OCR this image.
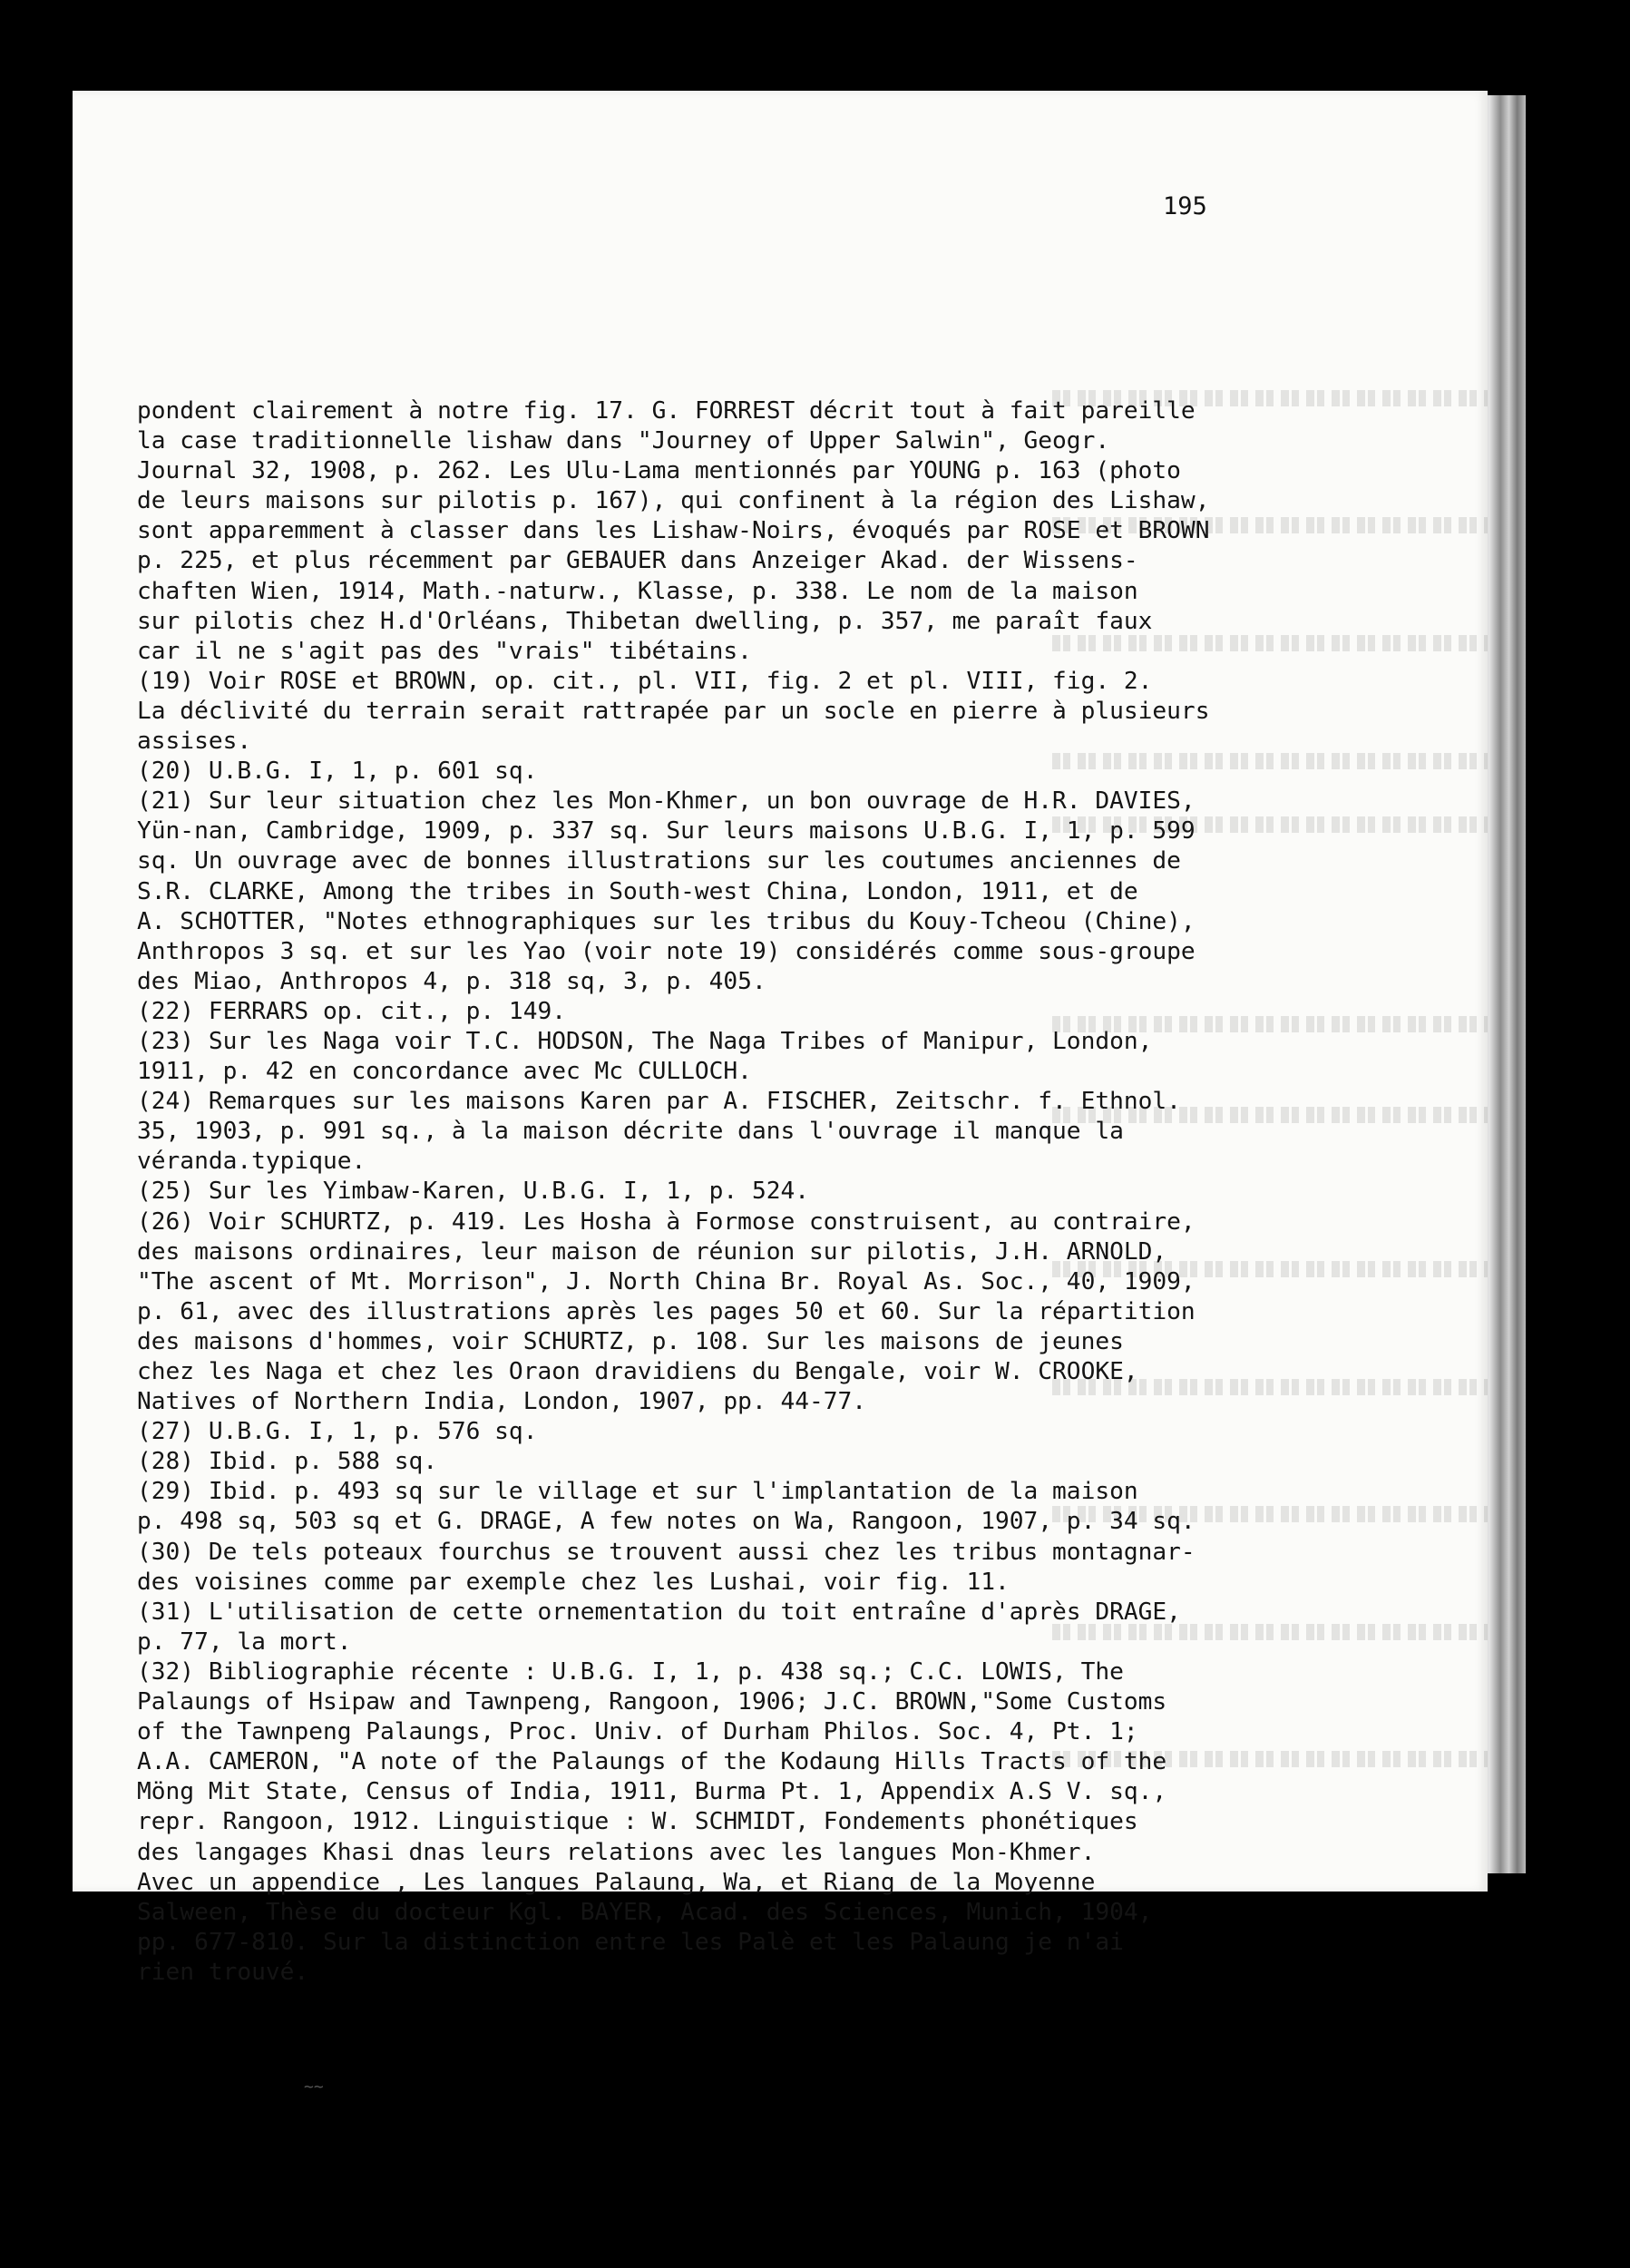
195
pondent clairement à notre fig. 17. G. FORREST décrit tout à fait pareille
la case traditionnelle lishaw dans "Journey of Upper Salwin", Geogr.
Journal 32, 1908, p. 262. Les Ulu-Lama mentionnés par YOUNG p. 163 (photo
de leurs maisons sur pilotis p. 167), qui confinent à la région des Lishaw,
sont apparemment à classer dans les Lishaw-Noirs, évoqués par ROSE et BROWN
p. 225, et plus récemment par GEBAUER dans Anzeiger Akad. der Wissens-
chaften Wien, 1914, Math.-naturw., Klasse, p. 338. Le nom de la maison
sur pilotis chez H.d'Orléans, Thibetan dwelling, p. 357, me paraît faux
car il ne s'agit pas des "vrais" tibétains.
(19) Voir ROSE et BROWN, op. cit., pl. VII, fig. 2 et pl. VIII, fig. 2.
La déclivité du terrain serait rattrapée par un socle en pierre à plusieurs
assises.
(20) U.B.G. I, 1, p. 601 sq.
(21) Sur leur situation chez les Mon-Khmer, un bon ouvrage de H.R. DAVIES,
Yün-nan, Cambridge, 1909, p. 337 sq. Sur leurs maisons U.B.G. I, 1, p. 599
sq. Un ouvrage avec de bonnes illustrations sur les coutumes anciennes de
S.R. CLARKE, Among the tribes in South-west China, London, 1911, et de
A. SCHOTTER, "Notes ethnographiques sur les tribus du Kouy-Tcheou (Chine),
Anthropos 3 sq. et sur les Yao (voir note 19) considérés comme sous-groupe
des Miao, Anthropos 4, p. 318 sq, 3, p. 405.
(22) FERRARS op. cit., p. 149.
(23) Sur les Naga voir T.C. HODSON, The Naga Tribes of Manipur, London,
1911, p. 42 en concordance avec Mc CULLOCH.
(24) Remarques sur les maisons Karen par A. FISCHER, Zeitschr. f. Ethnol.
35, 1903, p. 991 sq., à la maison décrite dans l'ouvrage il manque la
véranda.typique.
(25) Sur les Yimbaw-Karen, U.B.G. I, 1, p. 524.
(26) Voir SCHURTZ, p. 419. Les Hosha à Formose construisent, au contraire,
des maisons ordinaires, leur maison de réunion sur pilotis, J.H. ARNOLD,
"The ascent of Mt. Morrison", J. North China Br. Royal As. Soc., 40, 1909,
p. 61, avec des illustrations après les pages 50 et 60. Sur la répartition
des maisons d'hommes, voir SCHURTZ, p. 108. Sur les maisons de jeunes
chez les Naga et chez les Oraon dravidiens du Bengale, voir W. CROOKE,
Natives of Northern India, London, 1907, pp. 44-77.
(27) U.B.G. I, 1, p. 576 sq.
(28) Ibid. p. 588 sq.
(29) Ibid. p. 493 sq sur le village et sur l'implantation de la maison
p. 498 sq, 503 sq et G. DRAGE, A few notes on Wa, Rangoon, 1907, p. 34 sq.
(30) De tels poteaux fourchus se trouvent aussi chez les tribus montagnar-
des voisines comme par exemple chez les Lushai, voir fig. 11.
(31) L'utilisation de cette ornementation du toit entraîne d'après DRAGE,
p. 77, la mort.
(32) Bibliographie récente : U.B.G. I, 1, p. 438 sq.; C.C. LOWIS, The
Palaungs of Hsipaw and Tawnpeng, Rangoon, 1906; J.C. BROWN,"Some Customs
of the Tawnpeng Palaungs, Proc. Univ. of Durham Philos. Soc. 4, Pt. 1;
A.A. CAMERON, "A note of the Palaungs of the Kodaung Hills Tracts of the
Möng Mit State, Census of India, 1911, Burma Pt. 1, Appendix A.S V. sq.,
repr. Rangoon, 1912. Linguistique : W. SCHMIDT, Fondements phonétiques
des langages Khasi dnas leurs relations avec les langues Mon-Khmer.
Avec un appendice , Les langues Palaung, Wa, et Riang de la Moyenne
Salween, Thèse du docteur Kgl. BAYER, Acad. des Sciences, Munich, 1904,
pp. 677-810. Sur la distinction entre les Palè et les Palaung je n'ai
rien trouvé.
~~
